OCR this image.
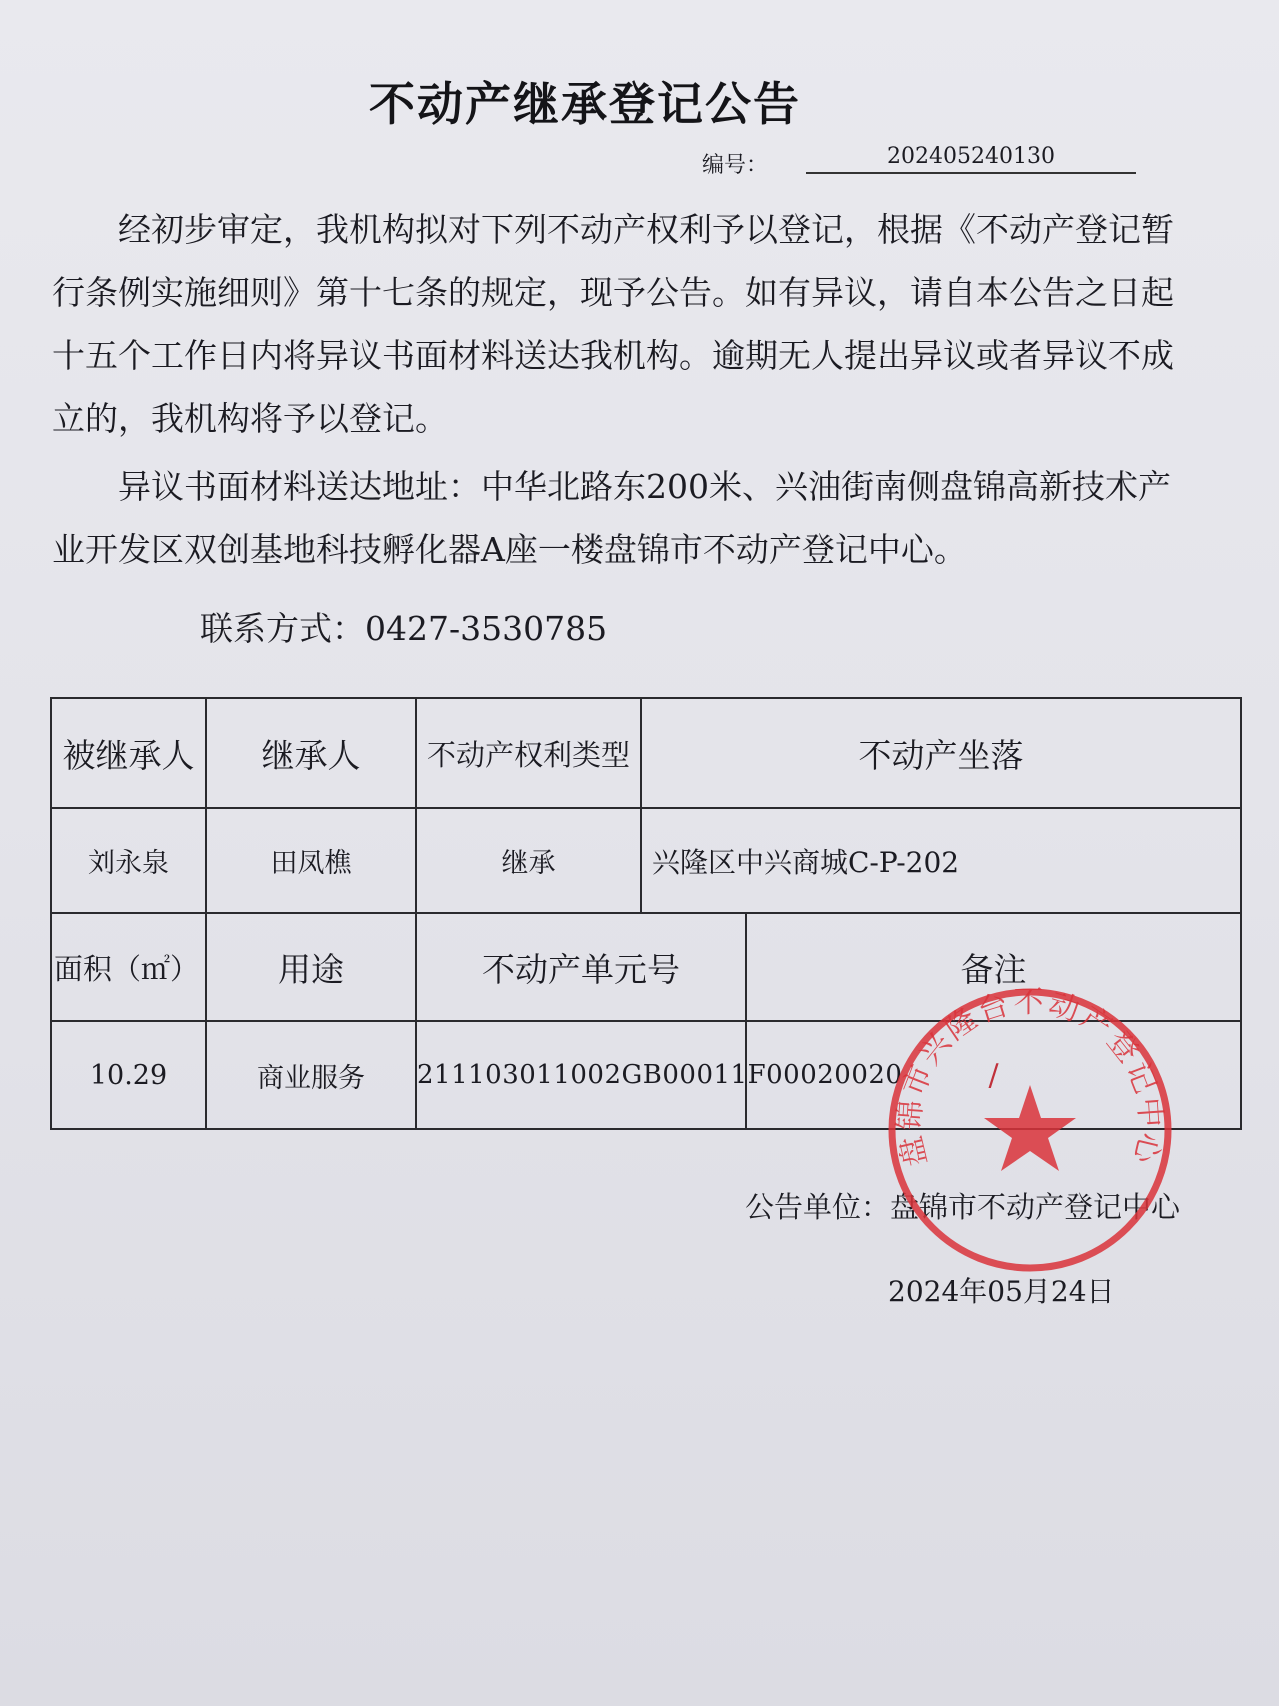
不动产继承登记公告
编号：	202405240130
经初步审定，我机构拟对下列不动产权利予以登记，根据《不动产登记暂行条例实施细则》第十七条的规定，现予公告。如有异议，请自本公告之日起十五个工作日内将异议书面材料送达我机构。逾期无人提出异议或者异议不成立的，我机构将予以登记。
异议书面材料送达地址：中华北路东200米、兴油街南侧盘锦高新技术产业开发区双创基地科技孵化器A座一楼盘锦市不动产登记中心。
联系方式：0427-3530785
被继承人	继承人	不动产权利类型	不动产坐落	
刘永泉	田凤樵	继承	兴隆区中兴商城C-P-202	
面积（㎡）	用途	不动产单元号		备注
10.29	商业服务	211103011002GB00011F00020020		/
公告单位：盘锦市不动产登记中心
2024年05月24日
盘锦市兴隆台不动产登记中心
